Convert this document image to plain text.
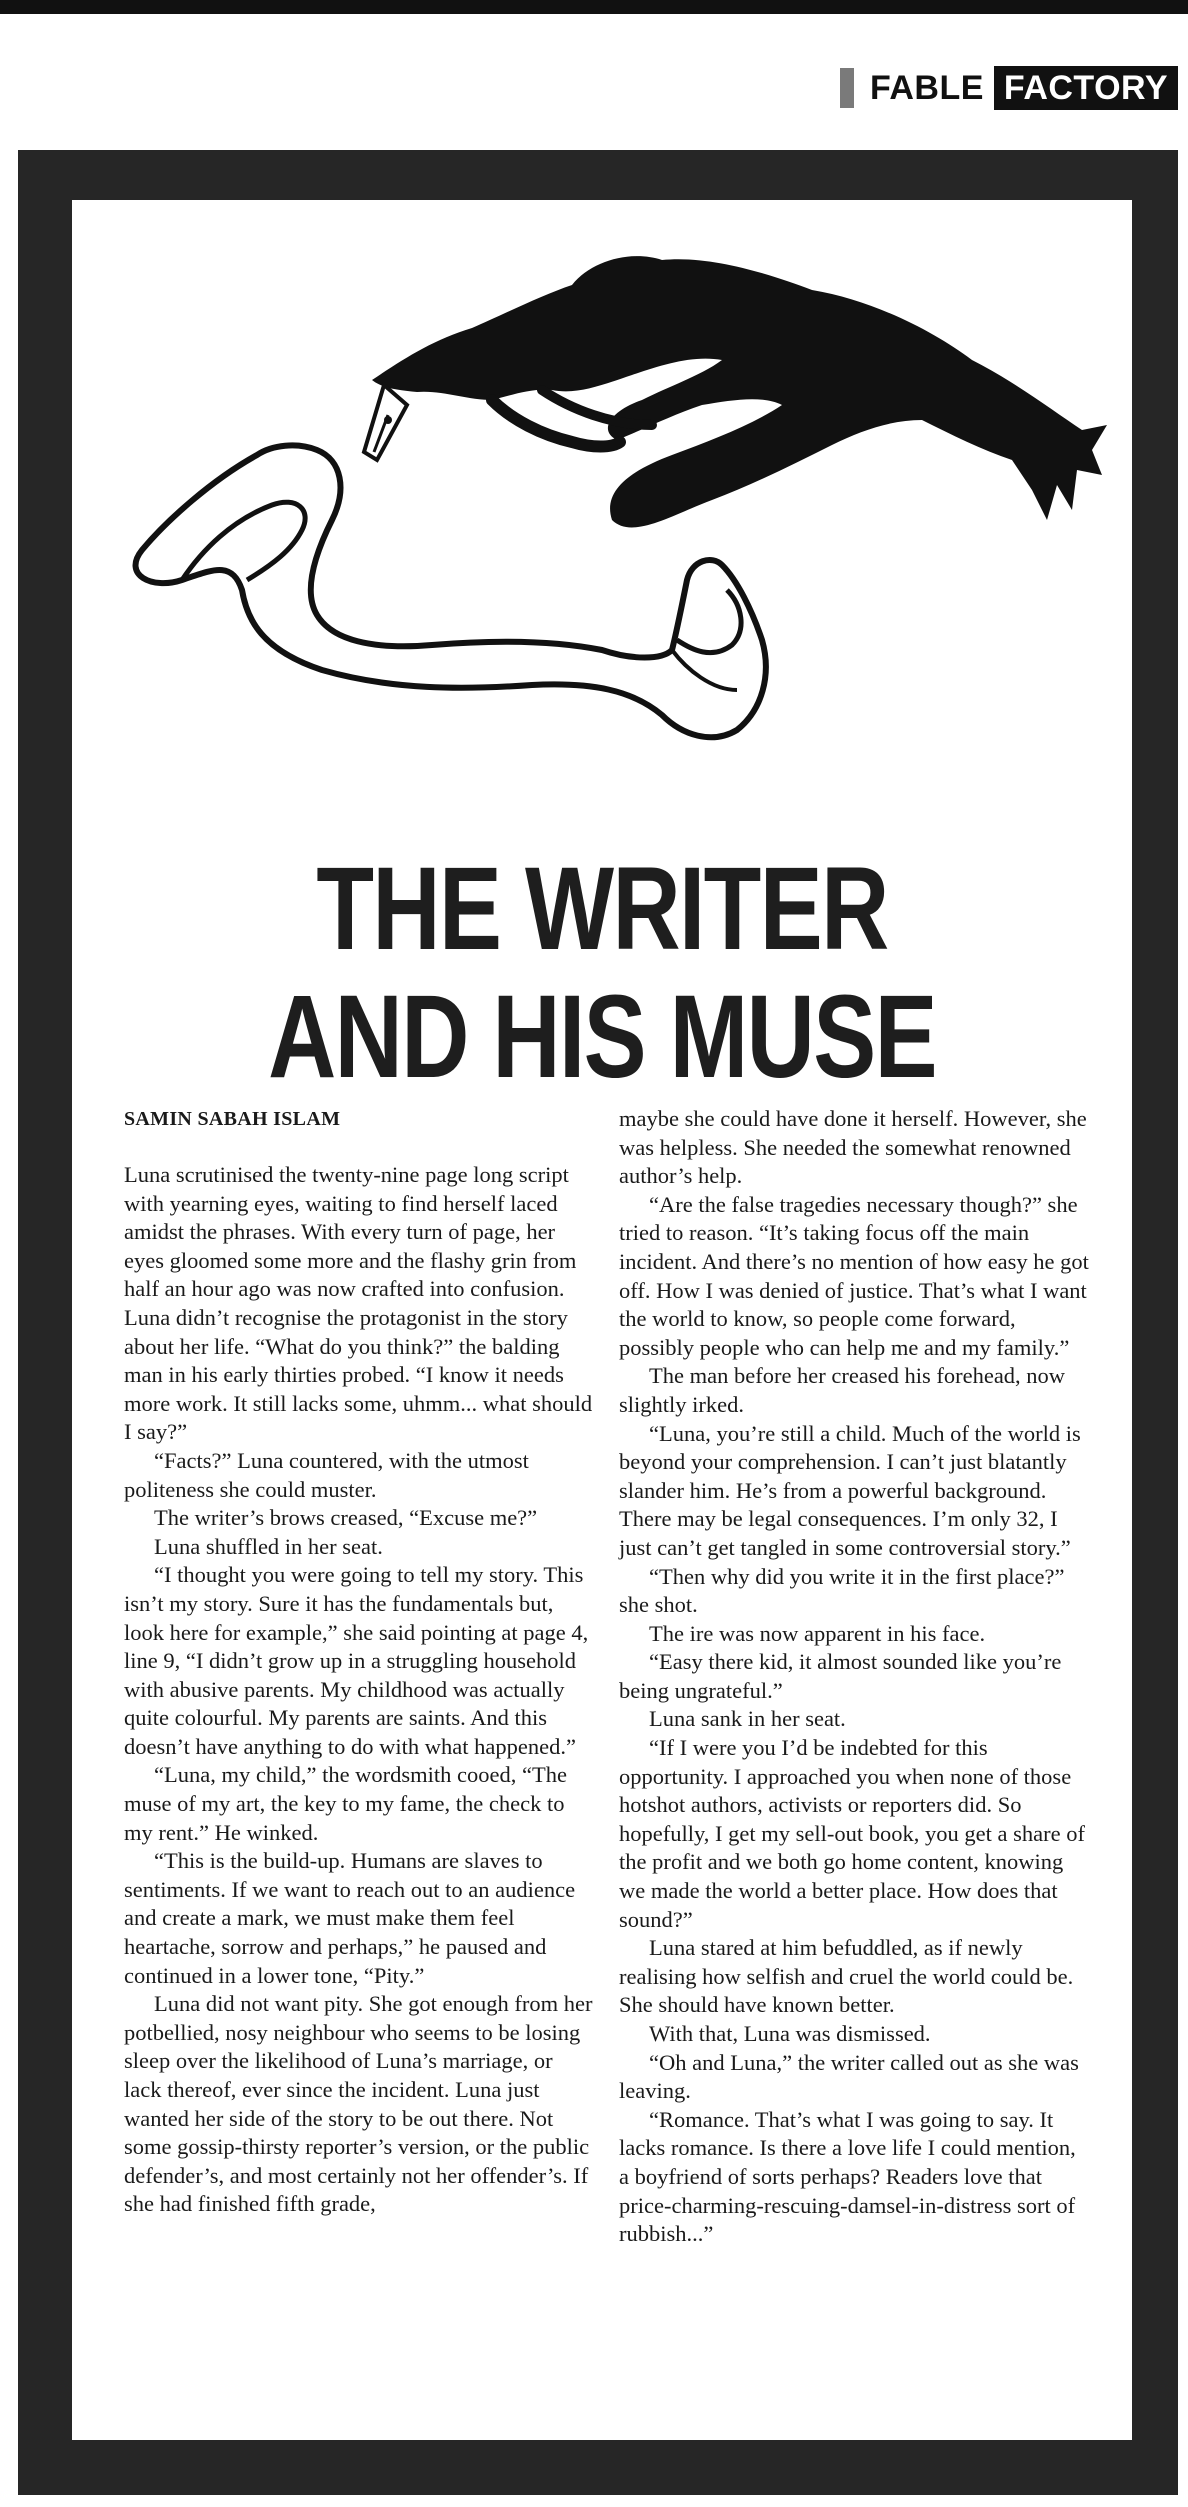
FABLE FACTORY
THE WRITER
AND HIS MUSE
SAMIN SABAH ISLAM

Luna scrutinised the twenty-nine page long script with yearning eyes, waiting to find herself laced amidst the phrases. With every turn of page, her eyes gloomed some more and the flashy grin from half an hour ago was now crafted into confusion. Luna didn’t recognise the protagonist in the story about her life. “What do you think?” the balding man in his early thirties probed. “I know it needs more work. It still lacks some, uhmm... what should I say?”

“Facts?” Luna countered, with the utmost politeness she could muster.

The writer’s brows creased, “Excuse me?”

Luna shuffled in her seat.

“I thought you were going to tell my story. This isn’t my story. Sure it has the fundamentals but, look here for example,” she said pointing at page 4, line 9, “I didn’t grow up in a struggling household with abusive parents. My childhood was actually quite colourful. My parents are saints. And this doesn’t have anything to do with what happened.”

“Luna, my child,” the wordsmith cooed, “The muse of my art, the key to my fame, the check to my rent.” He winked.

“This is the build-up. Humans are slaves to sentiments. If we want to reach out to an audience and create a mark, we must make them feel heartache, sorrow and perhaps,” he paused and continued in a lower tone, “Pity.”

Luna did not want pity. She got enough from her potbellied, nosy neighbour who seems to be losing sleep over the likelihood of Luna’s marriage, or lack thereof, ever since the incident. Luna just wanted her side of the story to be out there. Not some gossip-thirsty reporter’s version, or the public defender’s, and most certainly not her offender’s. If she had finished fifth grade,

maybe she could have done it herself. However, she was helpless. She needed the somewhat renowned author’s help.

“Are the false tragedies necessary though?” she tried to reason. “It’s taking focus off the main incident. And there’s no mention of how easy he got off. How I was denied of justice. That’s what I want the world to know, so people come forward, possibly people who can help me and my family.”

The man before her creased his forehead, now slightly irked.

“Luna, you’re still a child. Much of the world is beyond your comprehension. I can’t just blatantly slander him. He’s from a powerful background. There may be legal consequences. I’m only 32, I just can’t get tangled in some controversial story.”

“Then why did you write it in the first place?” she shot.

The ire was now apparent in his face.

“Easy there kid, it almost sounded like you’re being ungrateful.”

Luna sank in her seat.

“If I were you I’d be indebted for this opportunity. I approached you when none of those hotshot authors, activists or reporters did. So hopefully, I get my sell-out book, you get a share of the profit and we both go home content, knowing we made the world a better place. How does that sound?”

Luna stared at him befuddled, as if newly realising how selfish and cruel the world could be. She should have known better.

With that, Luna was dismissed.

“Oh and Luna,” the writer called out as she was leaving.

“Romance. That’s what I was going to say. It lacks romance. Is there a love life I could mention, a boyfriend of sorts perhaps? Readers love that price-charming-rescuing-damsel-in-distress sort of rubbish...”
